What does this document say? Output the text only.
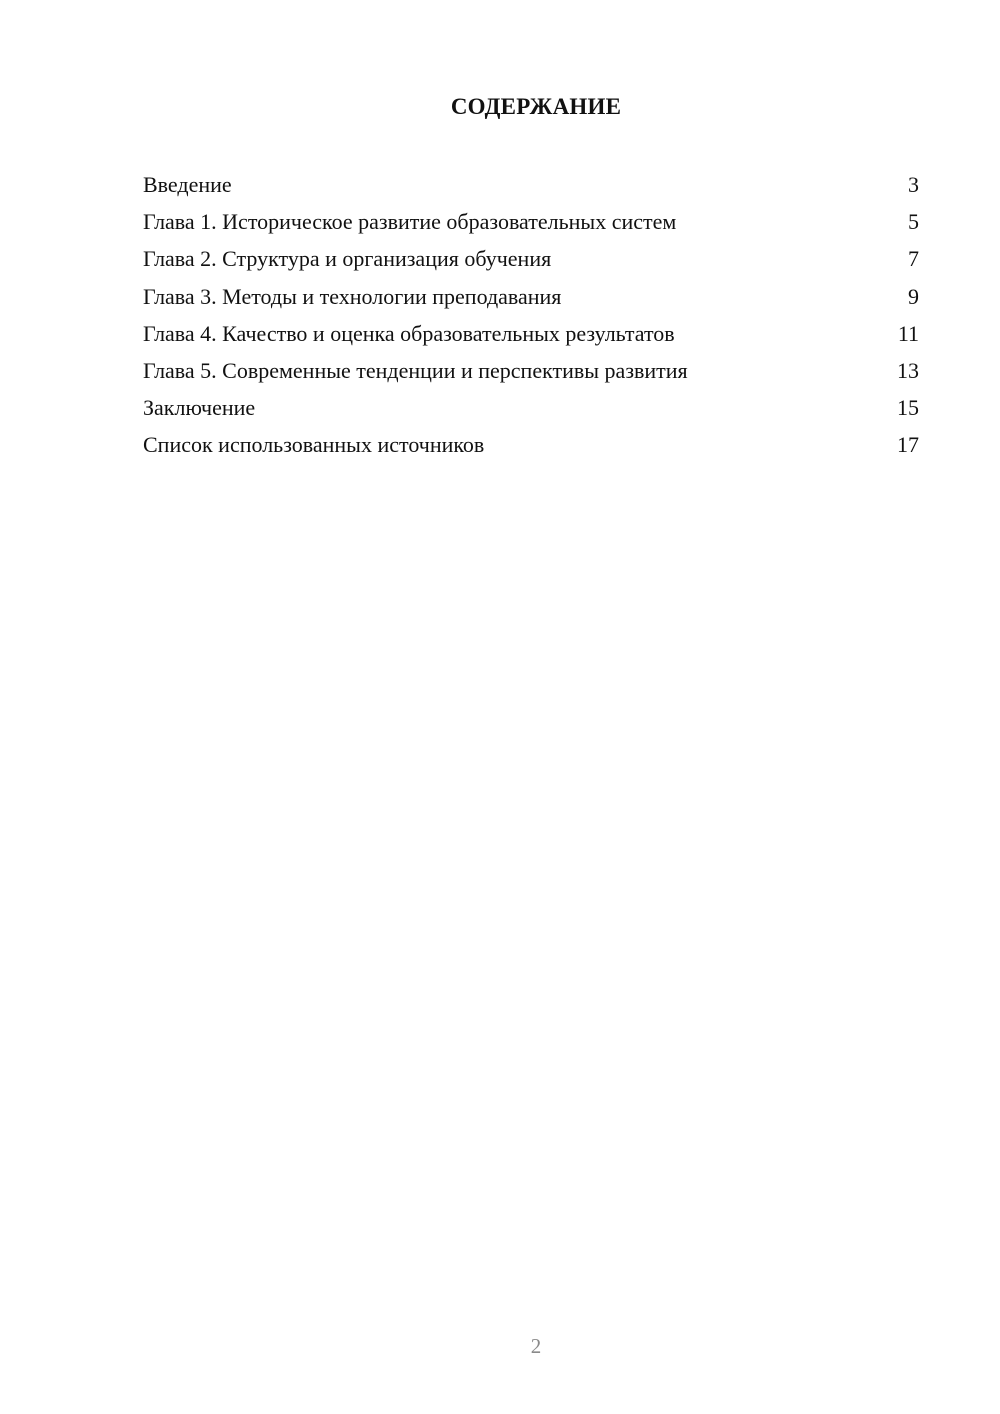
СОДЕРЖАНИЕ
Введение	3
Глава 1. Историческое развитие образовательных систем	5
Глава 2. Структура и организация обучения	7
Глава 3. Методы и технологии преподавания	9
Глава 4. Качество и оценка образовательных результатов	11
Глава 5. Современные тенденции и перспективы развития	13
Заключение	15
Список использованных источников	17
2
